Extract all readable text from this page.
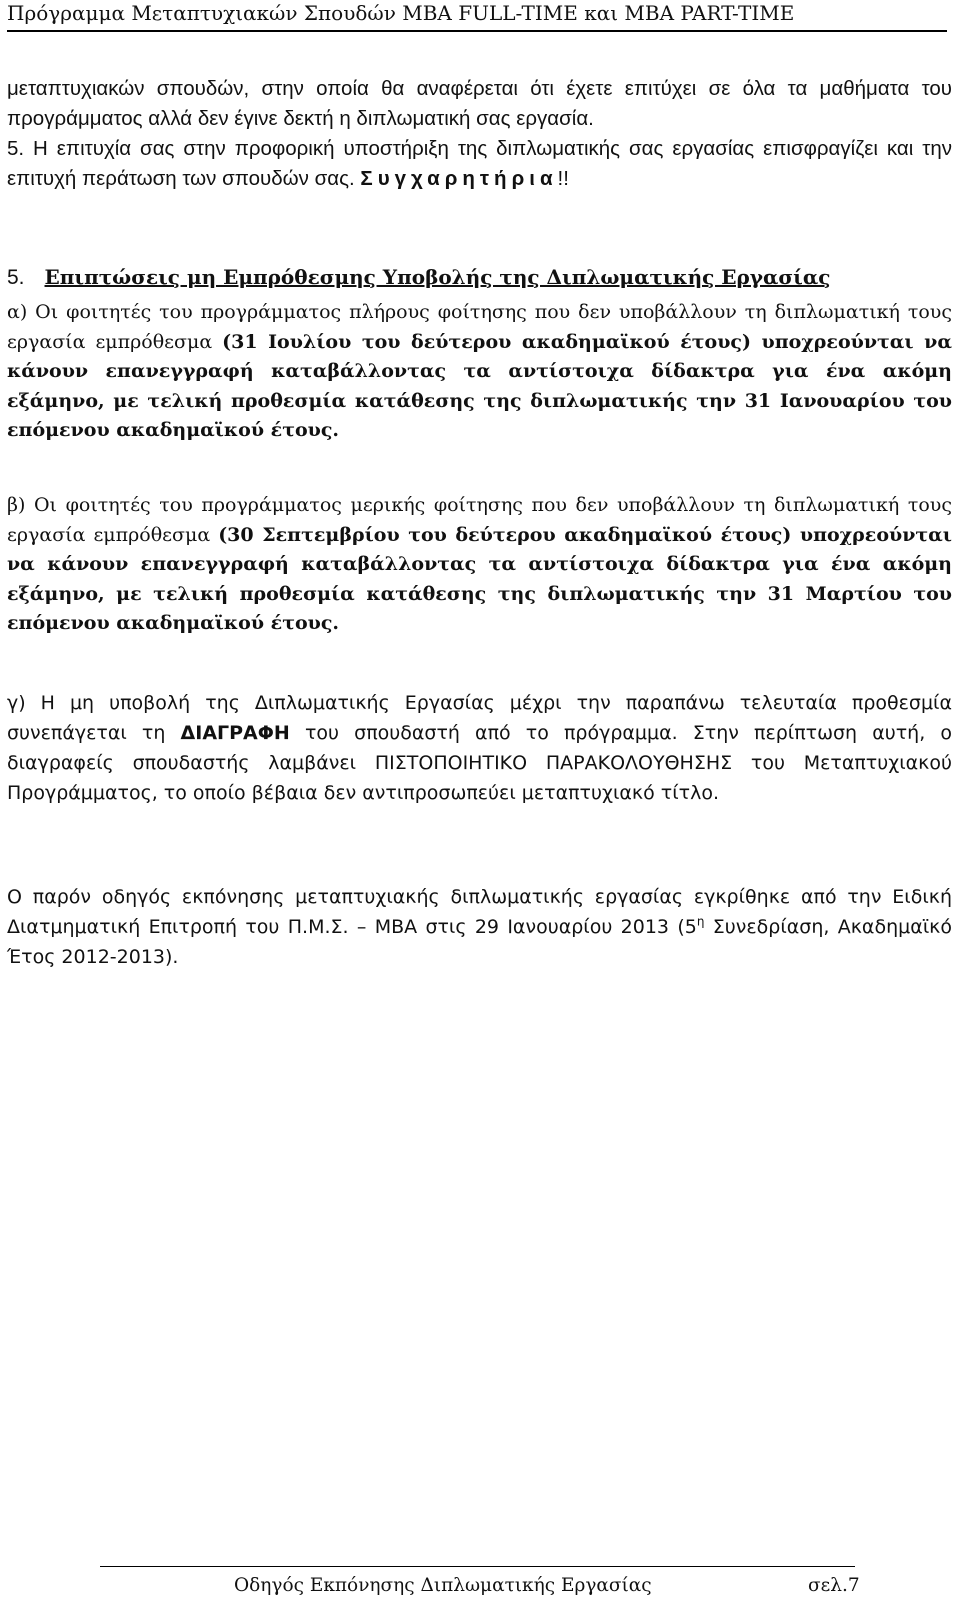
Πρόγραμμα Μεταπτυχιακών Σπουδών MBA FULL-TIME και MBA PART-TIME

μεταπτυχιακών σπουδών, στην οποία θα αναφέρεται ότι έχετε επιτύχει σε όλα τα μαθήματα του προγράμματος αλλά δεν έγινε δεκτή η διπλωματική σας εργασία.

5. Η επιτυχία σας στην προφορική υποστήριξη της διπλωματικής σας εργασίας επισφραγίζει και την επιτυχή περάτωση των σπουδών σας. Συγχαρητήρια!!

5. Επιπτώσεις μη Εμπρόθεσμης Υποβολής της Διπλωματικής Εργασίας

α) Οι φοιτητές του προγράμματος πλήρους φοίτησης που δεν υποβάλλουν τη διπλωματική τους εργασία εμπρόθεσμα (31 Ιουλίου του δεύτερου ακαδημαϊκού έτους) υποχρεούνται να κάνουν επανεγγραφή καταβάλλοντας τα αντίστοιχα δίδακτρα για ένα ακόμη εξάμηνο, με τελική προθεσμία κατάθεσης της διπλωματικής την 31 Ιανουαρίου του επόμενου ακαδημαϊκού έτους.

β) Οι φοιτητές του προγράμματος μερικής φοίτησης που δεν υποβάλλουν τη διπλωματική τους εργασία εμπρόθεσμα (30 Σεπτεμβρίου του δεύτερου ακαδημαϊκού έτους) υποχρεούνται να κάνουν επανεγγραφή καταβάλλοντας τα αντίστοιχα δίδακτρα για ένα ακόμη εξάμηνο, με τελική προθεσμία κατάθεσης της διπλωματικής την 31 Μαρτίου του επόμενου ακαδημαϊκού έτους.

γ) Η μη υποβολή της Διπλωματικής Εργασίας μέχρι την παραπάνω τελευταία προθεσμία συνεπάγεται τη ΔΙΑΓΡΑΦΗ του σπουδαστή από το πρόγραμμα. Στην περίπτωση αυτή, ο διαγραφείς σπουδαστής λαμβάνει ΠΙΣΤΟΠΟΙΗΤΙΚΟ ΠΑΡΑΚΟΛΟΥΘΗΣΗΣ του Μεταπτυχιακού Προγράμματος, το οποίο βέβαια δεν αντιπροσωπεύει μεταπτυχιακό τίτλο.

Ο παρόν οδηγός εκπόνησης μεταπτυχιακής διπλωματικής εργασίας εγκρίθηκε από την Ειδική Διατμηματική Επιτροπή του Π.Μ.Σ. – MBA στις 29 Ιανουαρίου 2013 ($5^\eta$ Συνεδρίαση, Ακαδημαϊκό Έτος 2012-2013).

Οδηγός Εκπόνησης Διπλωματικής Εργασίας	σελ.7
